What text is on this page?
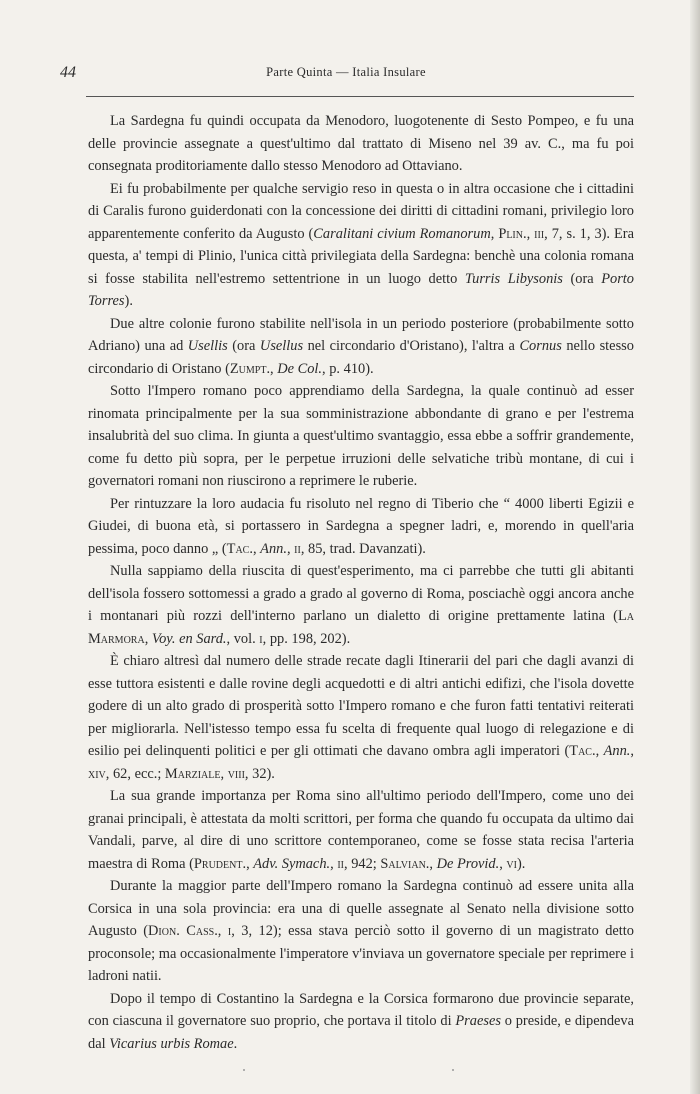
44	Parte Quinta — Italia Insulare

La Sardegna fu quindi occupata da Menodoro, luogotenente di Sesto Pompeo, e fu una delle provincie assegnate a quest'ultimo dal trattato di Miseno nel 39 av. C., ma fu poi consegnata proditoriamente dallo stesso Menodoro ad Ottaviano.

Ei fu probabilmente per qualche servigio reso in questa o in altra occasione che i cittadini di Caralis furono guiderdonati con la concessione dei diritti di cittadini romani, privilegio loro apparentemente conferito da Augusto (Caralitani civium Romanorum, Plin., iii, 7, s. 1, 3). Era questa, a' tempi di Plinio, l'unica città privilegiata della Sardegna: benchè una colonia romana si fosse stabilita nell'estremo settentrione in un luogo detto Turris Libysonis (ora Porto Torres).

Due altre colonie furono stabilite nell'isola in un periodo posteriore (probabilmente sotto Adriano) una ad Usellis (ora Usellus nel circondario d'Oristano), l'altra a Cornus nello stesso circondario di Oristano (Zumpt., De Col., p. 410).

Sotto l'Impero romano poco apprendiamo della Sardegna, la quale continuò ad esser rinomata principalmente per la sua somministrazione abbondante di grano e per l'estrema insalubrità del suo clima. In giunta a quest'ultimo svantaggio, essa ebbe a soffrir grandemente, come fu detto più sopra, per le perpetue irruzioni delle selvatiche tribù montane, di cui i governatori romani non riuscirono a reprimere le ruberie.

Per rintuzzare la loro audacia fu risoluto nel regno di Tiberio che “ 4000 liberti Egizii e Giudei, di buona età, si portassero in Sardegna a spegner ladri, e, morendo in quell'aria pessima, poco danno „ (Tac., Ann., ii, 85, trad. Davanzati).

Nulla sappiamo della riuscita di quest'esperimento, ma ci parrebbe che tutti gli abitanti dell'isola fossero sottomessi a grado a grado al governo di Roma, posciachè oggi ancora anche i montanari più rozzi dell'interno parlano un dialetto di origine prettamente latina (La Marmora, Voy. en Sard., vol. i, pp. 198, 202).

È chiaro altresì dal numero delle strade recate dagli Itinerarii del pari che dagli avanzi di esse tuttora esistenti e dalle rovine degli acquedotti e di altri antichi edifizi, che l'isola dovette godere di un alto grado di prosperità sotto l'Impero romano e che furon fatti tentativi reiterati per migliorarla. Nell'istesso tempo essa fu scelta di frequente qual luogo di relegazione e di esilio pei delinquenti politici e per gli ottimati che davano ombra agli imperatori (Tac., Ann., xiv, 62, ecc.; Marziale, viii, 32).

La sua grande importanza per Roma sino all'ultimo periodo dell'Impero, come uno dei granai principali, è attestata da molti scrittori, per forma che quando fu occupata da ultimo dai Vandali, parve, al dire di uno scrittore contemporaneo, come se fosse stata recisa l'arteria maestra di Roma (Prudent., Adv. Symach., ii, 942; Salvian., De Provid., vi).

Durante la maggior parte dell'Impero romano la Sardegna continuò ad essere unita alla Corsica in una sola provincia: era una di quelle assegnate al Senato nella divisione sotto Augusto (Dion. Cass., i, 3, 12); essa stava perciò sotto il governo di un magistrato detto proconsole; ma occasionalmente l'imperatore v'inviava un governatore speciale per reprimere i ladroni natii.

Dopo il tempo di Costantino la Sardegna e la Corsica formarono due provincie separate, con ciascuna il governatore suo proprio, che portava il titolo di Praeses o preside, e dipendeva dal Vicarius urbis Romae.
